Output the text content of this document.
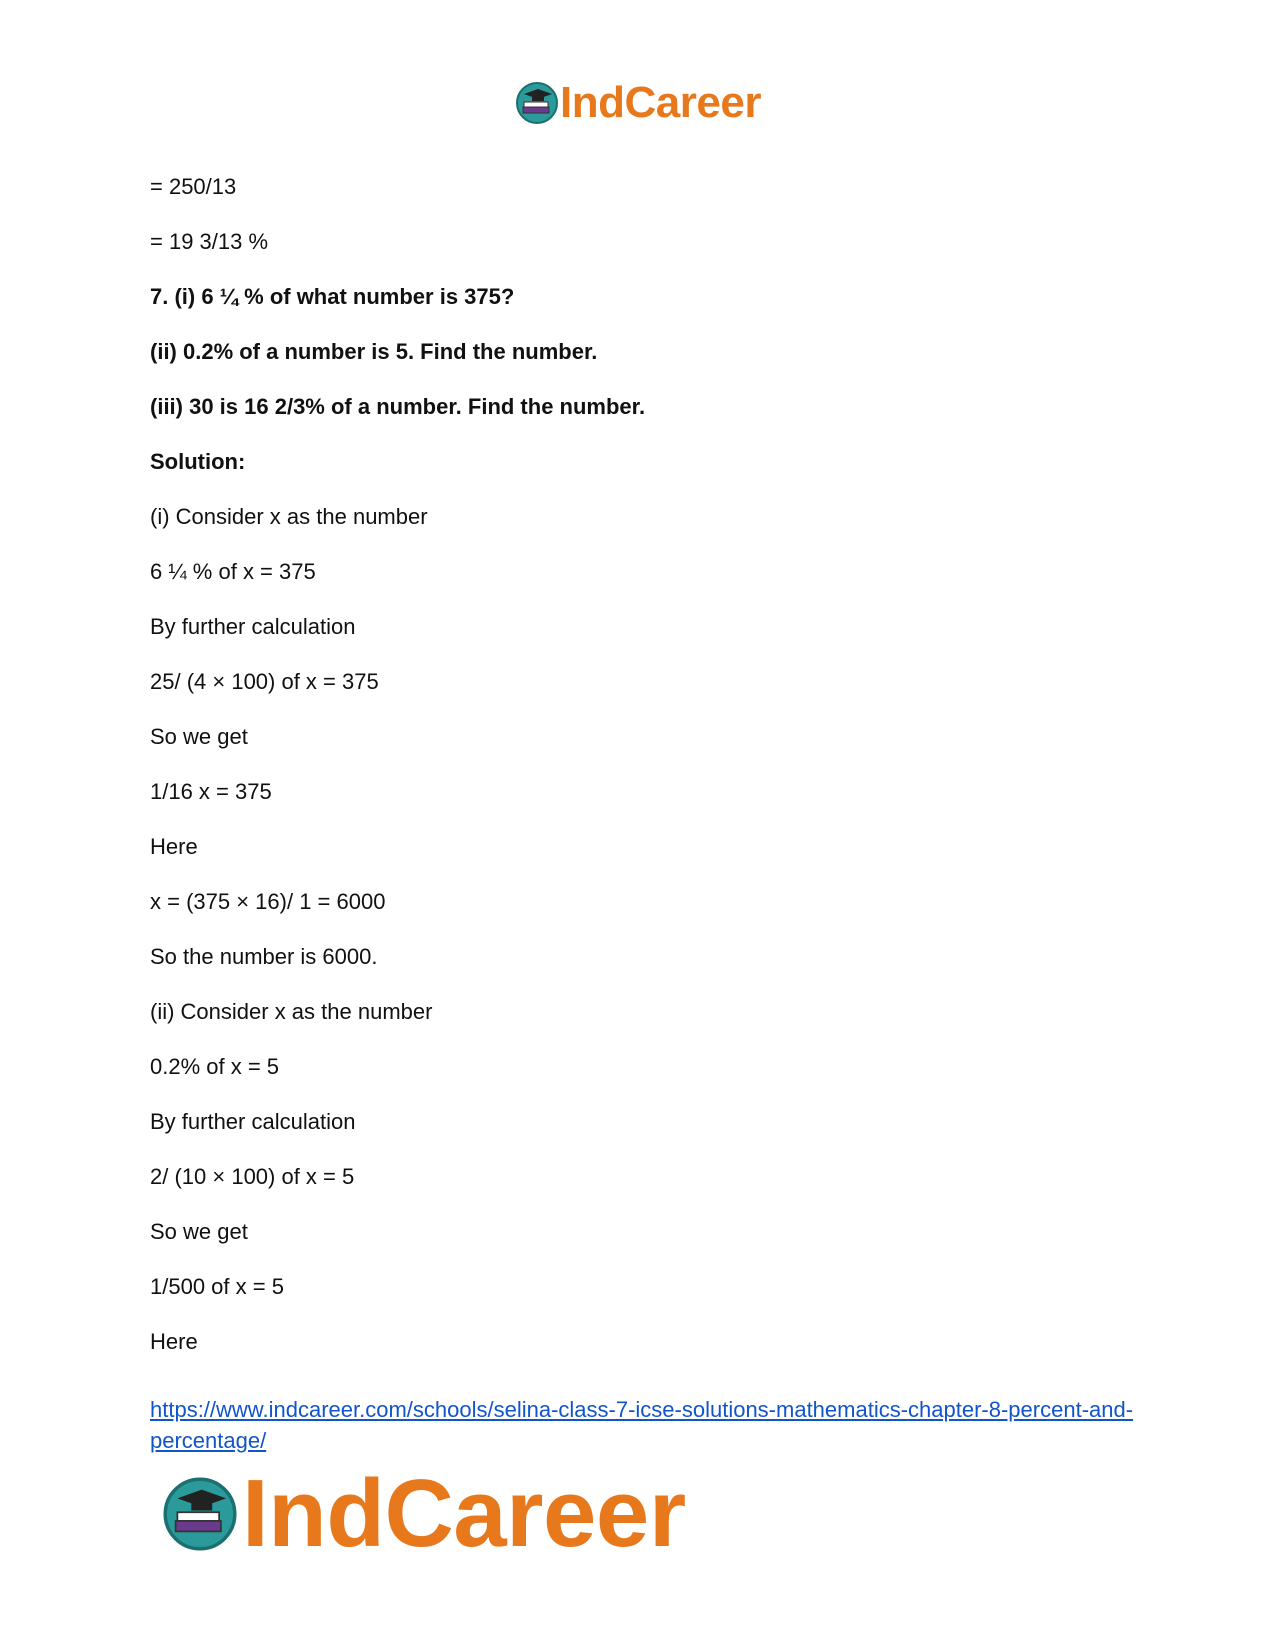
IndCareer
= 250/13
= 19 3/13 %
7. (i) 6 ¼ % of what number is 375?
(ii) 0.2% of a number is 5. Find the number.
(iii) 30 is 16 2/3% of a number. Find the number.
Solution:
(i) Consider x as the number
6 ¼ % of x = 375
By further calculation
25/ (4 × 100) of x = 375
So we get
1/16 x = 375
Here
x = (375 × 16)/ 1 = 6000
So the number is 6000.
(ii) Consider x as the number
0.2% of x = 5
By further calculation
2/ (10 × 100) of x = 5
So we get
1/500 of x = 5
Here
https://www.indcareer.com/schools/selina-class-7-icse-solutions-mathematics-chapter-8-percent-and-percentage/
IndCareer
